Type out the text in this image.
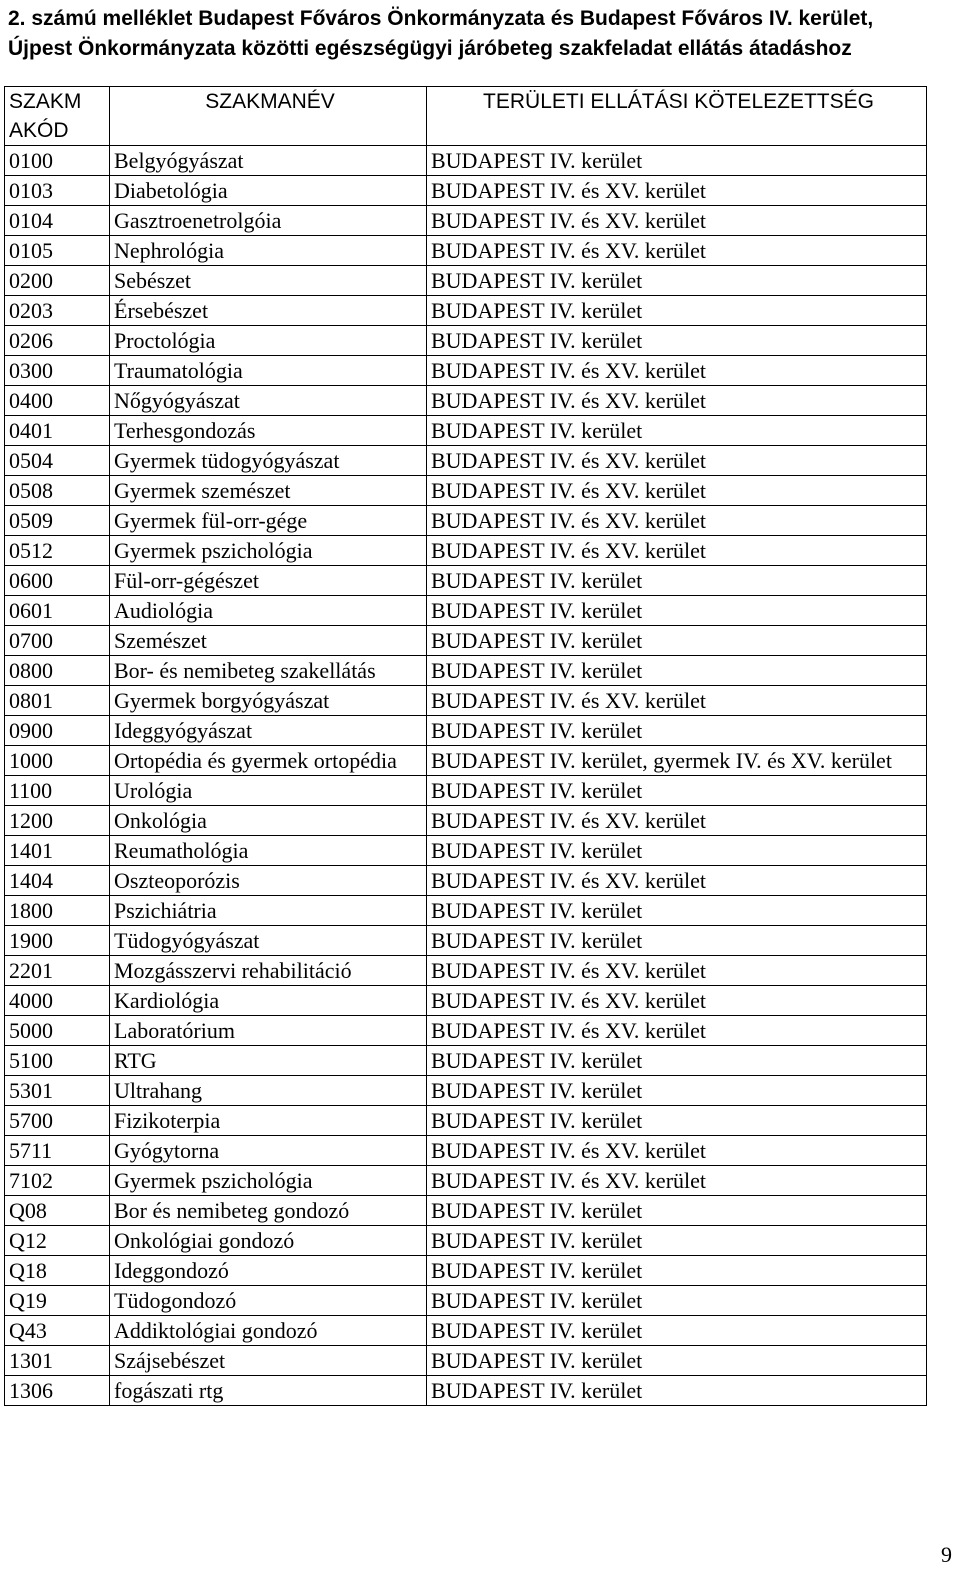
2. számú melléklet Budapest Főváros Önkormányzata és Budapest Főváros IV. kerület,
Újpest Önkormányzata közötti egészségügyi járóbeteg szakfeladat ellátás átadáshoz
SZAKM
AKÓD	SZAKMANÉV	TERÜLETI ELLÁTÁSI KÖTELEZETTSÉG
0100	Belgyógyászat	BUDAPEST IV. kerület
0103	Diabetológia	BUDAPEST IV. és XV. kerület
0104	Gasztroenetrolgóia	BUDAPEST IV. és XV. kerület
0105	Nephrológia	BUDAPEST IV. és XV. kerület
0200	Sebészet	BUDAPEST IV. kerület
0203	Érsebészet	BUDAPEST IV. kerület
0206	Proctológia	BUDAPEST IV. kerület
0300	Traumatológia	BUDAPEST IV. és XV. kerület
0400	Nőgyógyászat	BUDAPEST IV. és XV. kerület
0401	Terhesgondozás	BUDAPEST IV. kerület
0504	Gyermek tüdogyógyászat	BUDAPEST IV. és XV. kerület
0508	Gyermek szemészet	BUDAPEST IV. és XV. kerület
0509	Gyermek fül-orr-gége	BUDAPEST IV. és XV. kerület
0512	Gyermek pszichológia	BUDAPEST IV. és XV. kerület
0600	Fül-orr-gégészet	BUDAPEST IV. kerület
0601	Audiológia	BUDAPEST IV. kerület
0700	Szemészet	BUDAPEST IV. kerület
0800	Bor- és nemibeteg szakellátás	BUDAPEST IV. kerület
0801	Gyermek borgyógyászat	BUDAPEST IV. és XV. kerület
0900	Ideggyógyászat	BUDAPEST IV. kerület
1000	Ortopédia és gyermek ortopédia	BUDAPEST IV. kerület, gyermek IV. és XV. kerület
1100	Urológia	BUDAPEST IV. kerület
1200	Onkológia	BUDAPEST IV. és XV. kerület
1401	Reumathológia	BUDAPEST IV. kerület
1404	Oszteoporózis	BUDAPEST IV. és XV. kerület
1800	Pszichiátria	BUDAPEST IV. kerület
1900	Tüdogyógyászat	BUDAPEST IV. kerület
2201	Mozgásszervi rehabilitáció	BUDAPEST IV. és XV. kerület
4000	Kardiológia	BUDAPEST IV. és XV. kerület
5000	Laboratórium	BUDAPEST IV. és XV. kerület
5100	RTG	BUDAPEST IV. kerület
5301	Ultrahang	BUDAPEST IV. kerület
5700	Fizikoterpia	BUDAPEST IV. kerület
5711	Gyógytorna	BUDAPEST IV. és XV. kerület
7102	Gyermek pszichológia	BUDAPEST IV. és XV. kerület
Q08	Bor és nemibeteg gondozó	BUDAPEST IV. kerület
Q12	Onkológiai gondozó	BUDAPEST IV. kerület
Q18	Ideggondozó	BUDAPEST IV. kerület
Q19	Tüdogondozó	BUDAPEST IV. kerület
Q43	Addiktológiai gondozó	BUDAPEST IV. kerület
1301	Szájsebészet	BUDAPEST IV. kerület
1306	fogászati rtg	BUDAPEST IV. kerület
9
